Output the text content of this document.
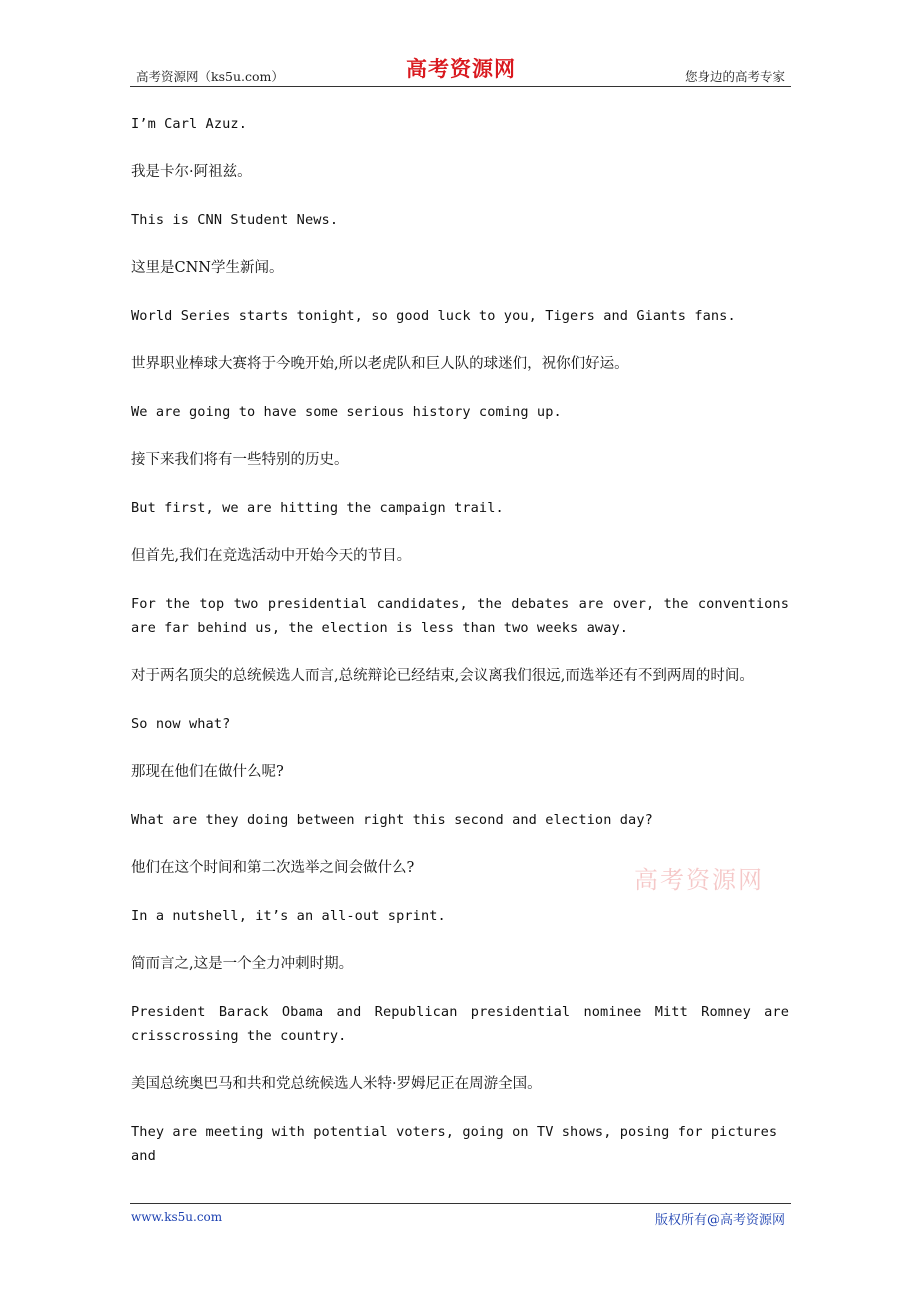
高考资源网（ks5u.com）	高考资源网	您身边的高考专家

I’m Carl Azuz.

我是卡尔·阿祖兹。

This is CNN Student News.

这里是CNN学生新闻。

World Series starts tonight, so good luck to you, Tigers and Giants fans.

世界职业棒球大赛将于今晚开始,所以老虎队和巨人队的球迷们，祝你们好运。

We are going to have some serious history coming up.

接下来我们将有一些特别的历史。

But first, we are hitting the campaign trail.

但首先,我们在竞选活动中开始今天的节目。

For the top two presidential candidates, the debates are over, the conventions are far behind us, the election is less than two weeks away.

对于两名顶尖的总统候选人而言,总统辩论已经结束,会议离我们很远,而选举还有不到两周的时间。

So now what?

那现在他们在做什么呢?

What are they doing between right this second and election day?

他们在这个时间和第二次选举之间会做什么?

In a nutshell, it’s an all-out sprint.

简而言之,这是一个全力冲刺时期。

President Barack Obama and Republican presidential nominee Mitt Romney are crisscrossing the country.

美国总统奥巴马和共和党总统候选人米特·罗姆尼正在周游全国。

They are meeting with potential voters, going on TV shows, posing for pictures and

高考资源网
www.ks5u.com	版权所有@高考资源网
